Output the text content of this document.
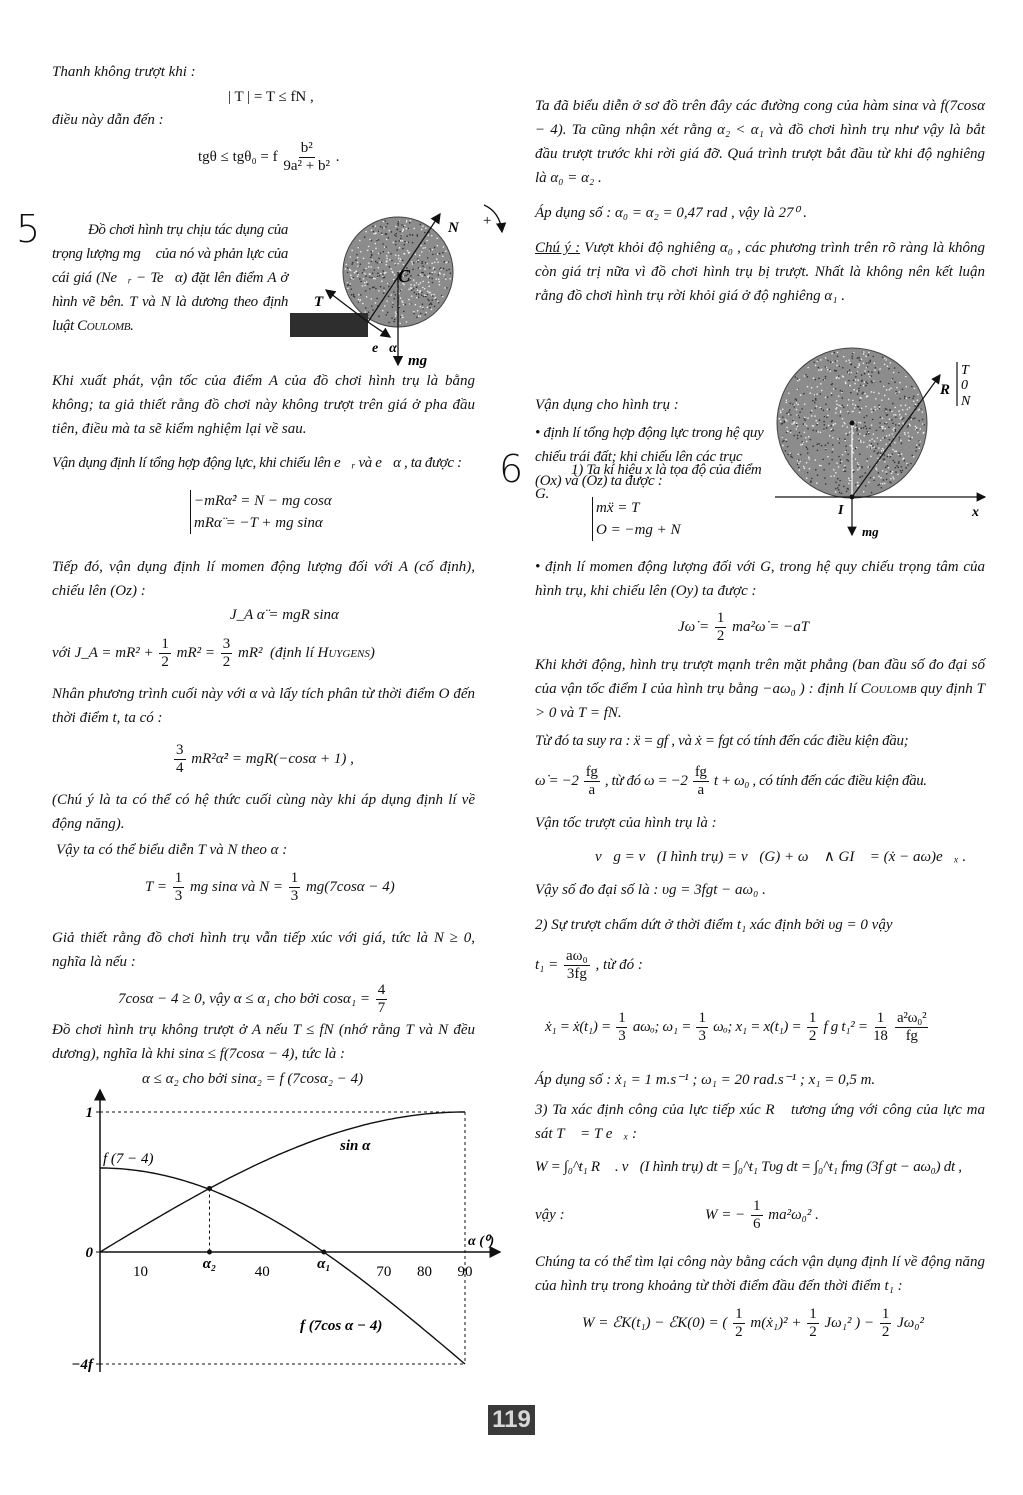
Thanh không trượt khi :
| T | = T ≤ fN ,
điều này dẫn đến :
tgθ ≤ tgθ₀ = f $\frac{\text{b²}}{\text{9a² + b²}}$ .
5	Đồ chơi hình trụ chịu tác dụng của trọng lượng mg⃗ của nó và phản lực của cái giá (Ne⃗ᵣ − Te⃗α) đặt lên điểm A ở hình vẽ bên. T và N là dương theo định luật Coulomb.
Khi xuất phát, vận tốc của điểm A của đồ chơi hình trụ là bằng không; ta giả thiết rằng đồ chơi này không trượt trên giá ở pha đầu tiên, điều mà ta sẽ kiểm nghiệm lại về sau.
Vận dụng định lí tổng hợp động lực, khi chiếu lên e⃗ᵣ và e⃗α , ta được :
−mRα̇² = N − mg cosα
mRα̈ = −T + mg sinα
Tiếp đó, vận dụng định lí momen động lượng đối với A (cố định), chiếu lên (Oz) :
J_A α̈ = mgR sinα
với J_A = $mR^2 + \frac{1}{2} mR^2 = \frac{3}{2} mR^2$ (định lí Huygens)
Nhân phương trình cuối này với α và lấy tích phân từ thời điểm O đến thời điểm t, ta có :
$\frac{3}{4}$ mR²α̇² = mgR(−cosα + 1) ,
(Chú ý là ta có thể có hệ thức cuối cùng này khi áp dụng định lí về động năng).
Vậy ta có thể biểu diễn T và N theo α :
$T = \frac{1}{3}$ mg sinα và $N = \frac{1}{3} mg(7\cos\alpha - 4)$
Giả thiết rằng đồ chơi hình trụ vẫn tiếp xúc với giá, tức là N ≥ 0, nghĩa là nếu :
7cosα − 4 ≥ 0, vậy α ≤ α₁ cho bởi $\cos\alpha_1 = \frac{4}{7}$
Đồ chơi hình trụ không trượt ở A nếu T ≤ fN (nhớ rằng T và N đều dương), nghĩa là khi sinα ≤ f(7cosα − 4), tức là :
α ≤ α₂ cho bởi sinα₂ = f (7cosα₂ − 4)
Ta đã biểu diễn ở sơ đồ trên đây các đường cong của hàm sinα và f(7cosα − 4). Ta cũng nhận xét rằng α₂ < α₁ và đồ chơi hình trụ như vậy là bắt đầu trượt trước khi rời giá đỡ. Quá trình trượt bắt đầu từ khi độ nghiêng là α₀ = α₂ .
Áp dụng số : α₀ = α₂ = 0,47 rad , vậy là 27⁰ .
Chú ý : Vượt khỏi độ nghiêng α₀ , các phương trình trên rõ ràng là không còn giá trị nữa vì đồ chơi hình trụ bị trượt. Nhất là không nên kết luận rằng đồ chơi hình trụ rời khỏi giá ở độ nghiêng α₁ .
6	1) Ta kí hiệu x là tọa độ của điểm G.
Vận dụng cho hình trụ :
• định lí tổng hợp động lực trong hệ quy chiếu trái đất; khi chiếu lên các trục (Ox) và (Oz) ta được :
mẍ = T
O = −mg + N
• định lí momen động lượng đối với G, trong hệ quy chiếu trọng tâm của hình trụ, khi chiếu lên (Oy) ta được :
Jω̇ = $\frac{1}{2}$ ma²ω̇ = −aT
Khi khởi động, hình trụ trượt mạnh trên mặt phẳng (ban đầu số đo đại số của vận tốc điểm I của hình trụ bằng −aω₀ ) : định lí Coulomb quy định T > 0 và T = fN.
Từ đó ta suy ra : ẍ = gf , và ẋ = fgt có tính đến các điều kiện đầu;
ω̇ = $-2 \frac{fg}{a}$ , từ đó $\omega = -2 \frac{fg}{a}$ t + ω₀ , có tính đến các điều kiện đầu.
Vận tốc trượt của hình trụ là :
v⃗g = v⃗(I hình trụ) = v⃗(G) + ω⃗ ∧ GI⃗ = (ẋ − aω)e⃗ₓ .
Vậy số đo đại số là : υg = 3fgt − aω₀ .
2) Sự trượt chấm dứt ở thời điểm t₁ xác định bởi υg = 0 vậy
$t_1 = \frac{\text{aω₀}}{3fg}$ , từ đó :
ẋ₁ = ẋ(t₁) = $\frac{1}{3} a\omega_o$; $\omega_1 = \frac{1}{3} \omega_o$; $x_1 = x(t_1) = \frac{1}{2}$ f g $t_1^2 = \frac{1}{18}$
$\frac{\text{a²ω₀²}}{fg}$
Áp dụng số : ẋ₁ = 1 m.s⁻¹ ; ω₁ = 20 rad.s⁻¹ ; x₁ = 0,5 m.
3) Ta xác định công của lực tiếp xúc R⃗ tương ứng với công của lực ma sát T⃗ = T e⃗ₓ :
W = ∫₀^t₁ R⃗ . v⃗(I hình trụ) dt = ∫₀^t₁ Tυg dt = ∫₀^t₁ fmg (3f gt − aω₀) dt ,
vậy :	W = − $\frac{1}{6} ma^2\omega_0^2$ .
Chúng ta có thể tìm lại công này bằng cách vận dụng định lí về động năng của hình trụ trong khoảng từ thời điểm đầu đến thời điểm t₁ :
W = ℰK(t₁) − ℰK(0) = ( $\frac{1}{2}$ m(ẋ₁)² + $\frac{1}{2} J\omega_1^2$ ) − $\frac{1}{2} J\omega_0^2$
N⃗ +
C
T⃗
e⃗α
mg⃗
R⃗
T
0
N
I	x
mg⃗
f (7 − 4)
α (⁰)
sin α
f (7cos α − 4)
10	α₂	40	α₁	70 80 90
1
0
−4f
119
